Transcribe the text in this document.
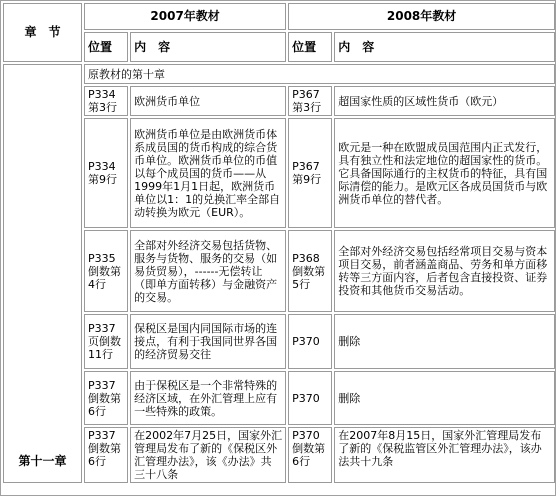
章　节	2007年教材		2008年教材	
	位置	内　容	位置	内　容
第十一章	原教材的第十章			
	P334第3行	欧洲货币单位	P367第3行	超国家性质的区域性货币（欧元）
	P334第9行	欧洲货币单位是由欧洲货币体系成员国的货币构成的综合货币单位。欧洲货币单位的币值以每个成员国的货币——从1999年1月1日起，欧洲货币单位以1：1的兑换汇率全部自动转换为欧元（EUR）。	P367第9行	欧元是一种在欧盟成员国范围内正式发行，具有独立性和法定地位的超国家性的货币。它具备国际通行的主权货币的特征，具有国际清偿的能力。是欧元区各成员国货币与欧洲货币单位的替代者。
	P335倒数第4行	全部对外经济交易包括货物、服务与货物、服务的交易（如易货贸易），------无偿转让（即单方面转移）与金融资产的交易。	P368倒数第5行	全部对外经济交易包括经常项目交易与资本项目交易，前者涵盖商品、劳务和单方面移转等三方面内容，后者包含直接投资、证券投资和其他货币交易活动。
	P337页倒数11行	保税区是国内同国际市场的连接点，有利于我国同世界各国的经济贸易交往	P370	删除
	P337倒数第6行	由于保税区是一个非常特殊的经济区域，在外汇管理上应有一些特殊的政策。	P370	删除
	P337倒数第6行	在2002年7月25日，国家外汇管理局发布了新的《保税区外汇管理办法》，该《办法》共三十八条	P370倒数第6行	在2007年8月15日，国家外汇管理局发布了新的《保税监管区外汇管理办法》，该办法共十九条
